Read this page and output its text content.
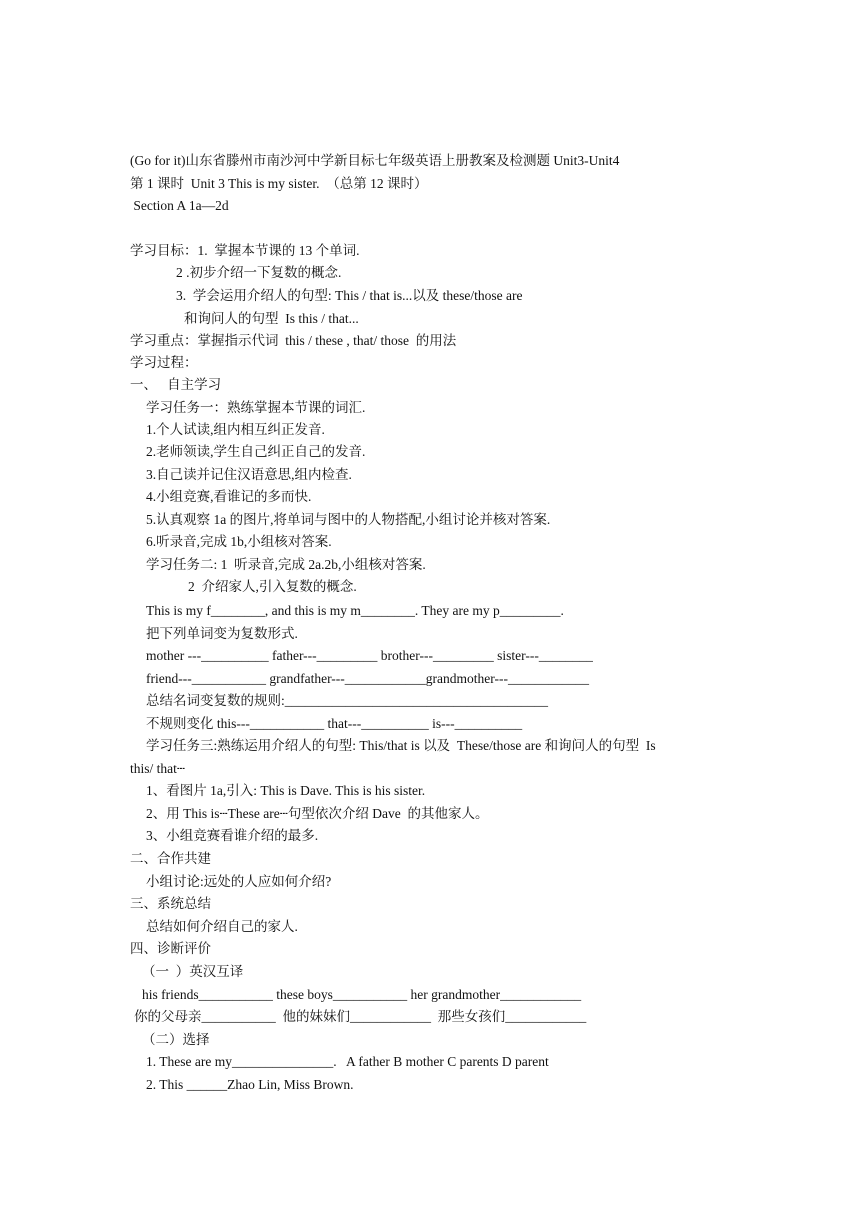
(Go for it)山东省滕州市南沙河中学新目标七年级英语上册教案及检测题 Unit3-Unit4
第 1 课时  Unit 3 This is my sister.  （总第 12 课时）
Section A 1a—2d
学习目标：1.  掌握本节课的 13 个单词.
2 .初步介绍一下复数的概念.
3.  学会运用介绍人的句型: This / that is...以及 these/those are
和询问人的句型  Is this / that...
学习重点：掌握指示代词  this / these , that/ those  的用法
学习过程：
一、   自主学习
学习任务一：熟练掌握本节课的词汇.
1.个人试读,组内相互纠正发音.
2.老师领读,学生自己纠正自己的发音.
3.自己读并记住汉语意思,组内检查.
4.小组竞赛,看谁记的多而快.
5.认真观察 1a 的图片,将单词与图中的人物搭配,小组讨论并核对答案.
6.听录音,完成 1b,小组核对答案.
学习任务二: 1  听录音,完成 2a.2b,小组核对答案.
2  介绍家人,引入复数的概念.
This is my f________, and this is my m________. They are my p_________.
把下列单词变为复数形式.
mother ---__________ father---_________ brother---_________ sister---________
friend---___________ grandfather---____________grandmother---____________
总结名词变复数的规则:_______________________________________
不规则变化 this---___________ that---__________ is---__________
学习任务三:熟练运用介绍人的句型: This/that is 以及  These/those are 和询问人的句型  Is
this/ that┄
1、看图片 1a,引入: This is Dave. This is his sister.
2、用 This is┄These are┄句型依次介绍 Dave  的其他家人。
3、小组竞赛看谁介绍的最多.
二、合作共建
小组讨论:远处的人应如何介绍?
三、系统总结
总结如何介绍自己的家人.
四、诊断评价
（一  ）英汉互译
his friends___________ these boys___________ her grandmother____________
你的父母亲___________  他的妹妹们____________  那些女孩们____________
（二）选择
1. These are my_______________.   A father B mother C parents D parent
2. This ______Zhao Lin, Miss Brown.
